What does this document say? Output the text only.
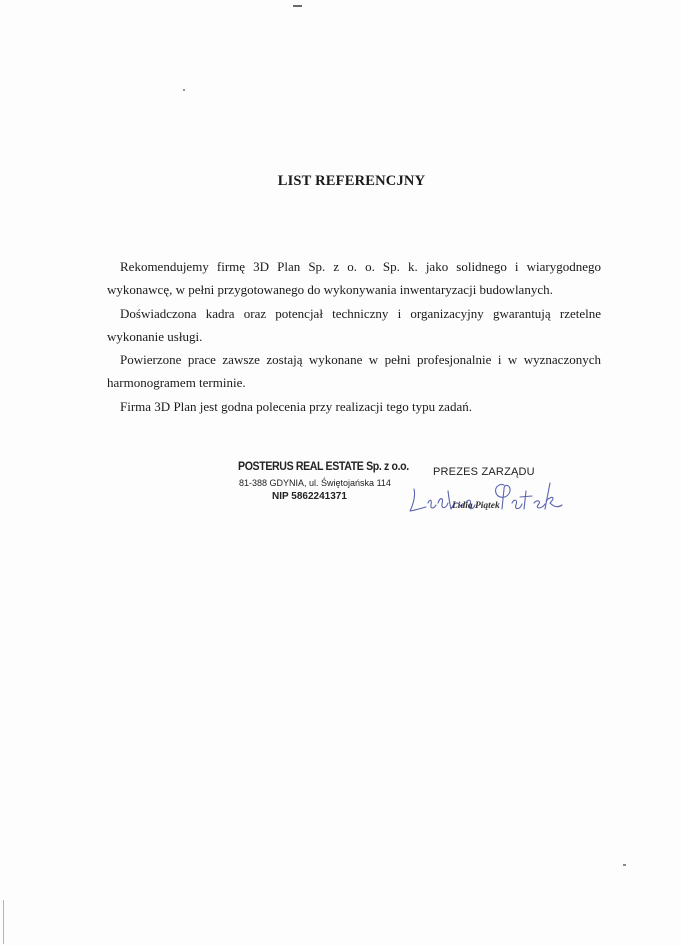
LIST REFERENCJNY

Rekomendujemy firmę 3D Plan Sp. z o. o. Sp. k. jako solidnego i wiarygodnego wykonawcę, w pełni przygotowanego do wykonywania inwentaryzacji budowlanych.

Doświadczona kadra oraz potencjał techniczny i organizacyjny gwarantują rzetelne wykonanie usługi.

Powierzone prace zawsze zostają wykonane w pełni profesjonalnie i w wyznaczonych harmonogramem terminie.

Firma 3D Plan jest godna polecenia przy realizacji tego typu zadań.

POSTERUS REAL ESTATE Sp. z o.o.
81-388 GDYNIA, ul. Świętojańska 114
NIP 5862241371
PREZES ZARZĄDU
Lidia Piątek
